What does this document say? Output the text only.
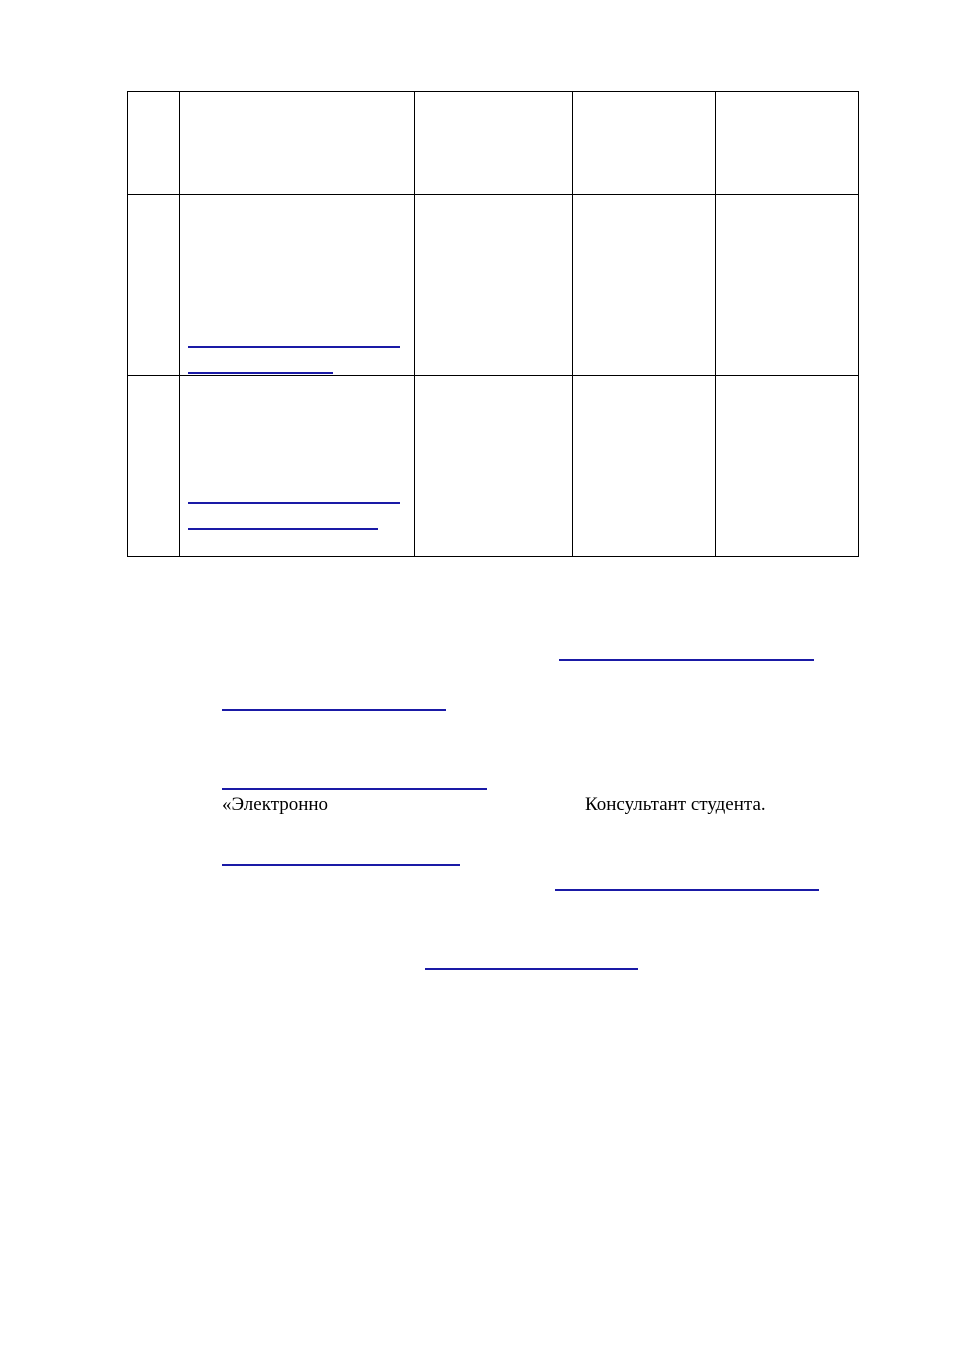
«Электронно	Консультант студента.
